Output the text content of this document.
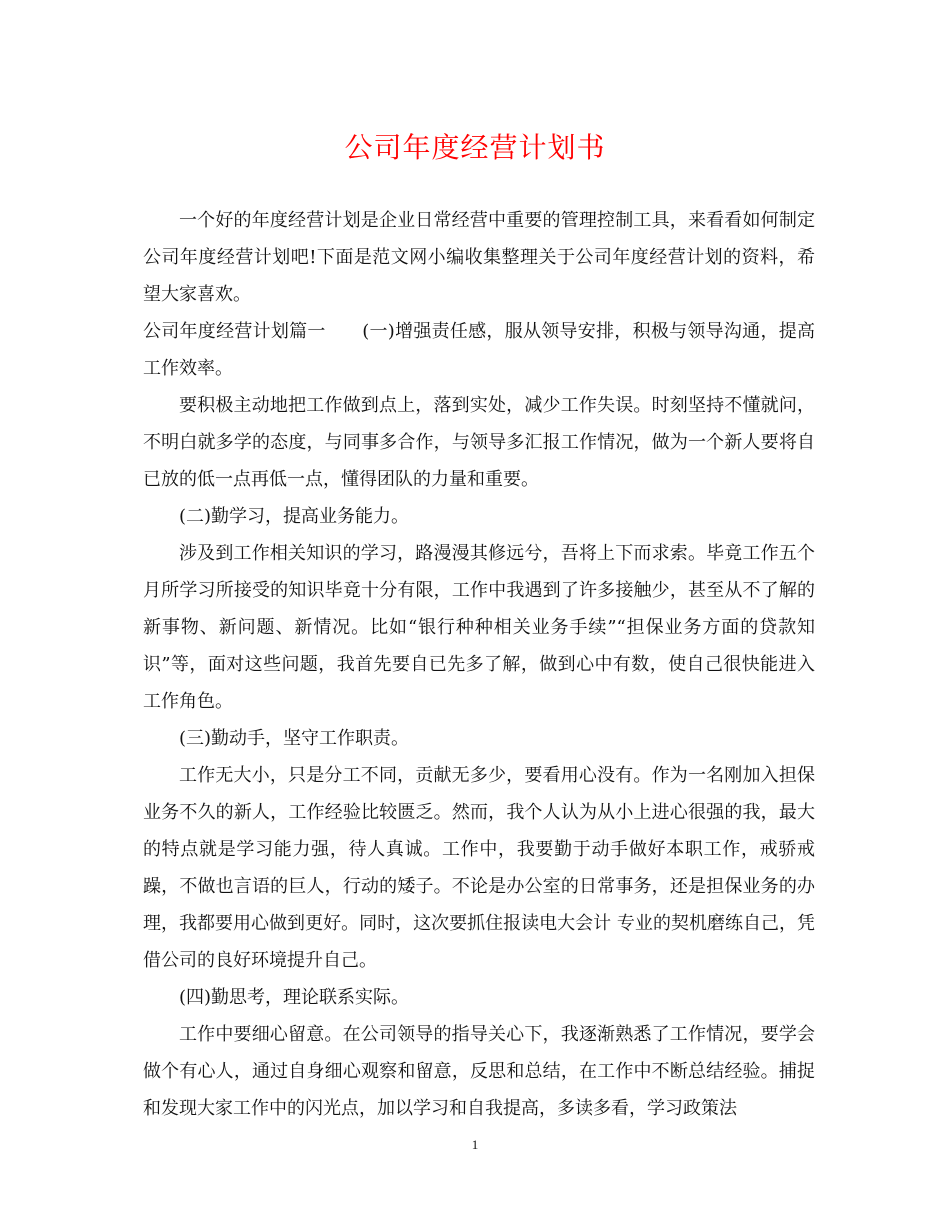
公司年度经营计划书

一个好的年度经营计划是企业日常经营中重要的管理控制工具，来看看如何制定公司年度经营计划吧!下面是范文网小编收集整理关于公司年度经营计划的资料，希望大家喜欢。

公司年度经营计划篇一　　(一)增强责任感，服从领导安排，积极与领导沟通，提高工作效率。

要积极主动地把工作做到点上，落到实处，减少工作失误。时刻坚持不懂就问，不明白就多学的态度，与同事多合作，与领导多汇报工作情况，做为一个新人要将自已放的低一点再低一点，懂得团队的力量和重要。

(二)勤学习，提高业务能力。

涉及到工作相关知识的学习，路漫漫其修远兮，吾将上下而求索。毕竟工作五个月所学习所接受的知识毕竟十分有限，工作中我遇到了许多接触少，甚至从不了解的新事物、新问题、新情况。比如“银行种种相关业务手续”“担保业务方面的贷款知识”等，面对这些问题，我首先要自已先多了解，做到心中有数，使自己很快能进入工作角色。

(三)勤动手，坚守工作职责。

工作无大小，只是分工不同，贡献无多少，要看用心没有。作为一名刚加入担保业务不久的新人，工作经验比较匮乏。然而，我个人认为从小上进心很强的我，最大的特点就是学习能力强，待人真诚。工作中，我要勤于动手做好本职工作，戒骄戒躁，不做也言语的巨人，行动的矮子。不论是办公室的日常事务，还是担保业务的办理，我都要用心做到更好。同时，这次要抓住报读电大会计 专业的契机磨练自己，凭借公司的良好环境提升自己。

(四)勤思考，理论联系实际。

工作中要细心留意。在公司领导的指导关心下，我逐渐熟悉了工作情况，要学会做个有心人，通过自身细心观察和留意，反思和总结，在工作中不断总结经验。捕捉和发现大家工作中的闪光点，加以学习和自我提高，多读多看，学习政策法

1
